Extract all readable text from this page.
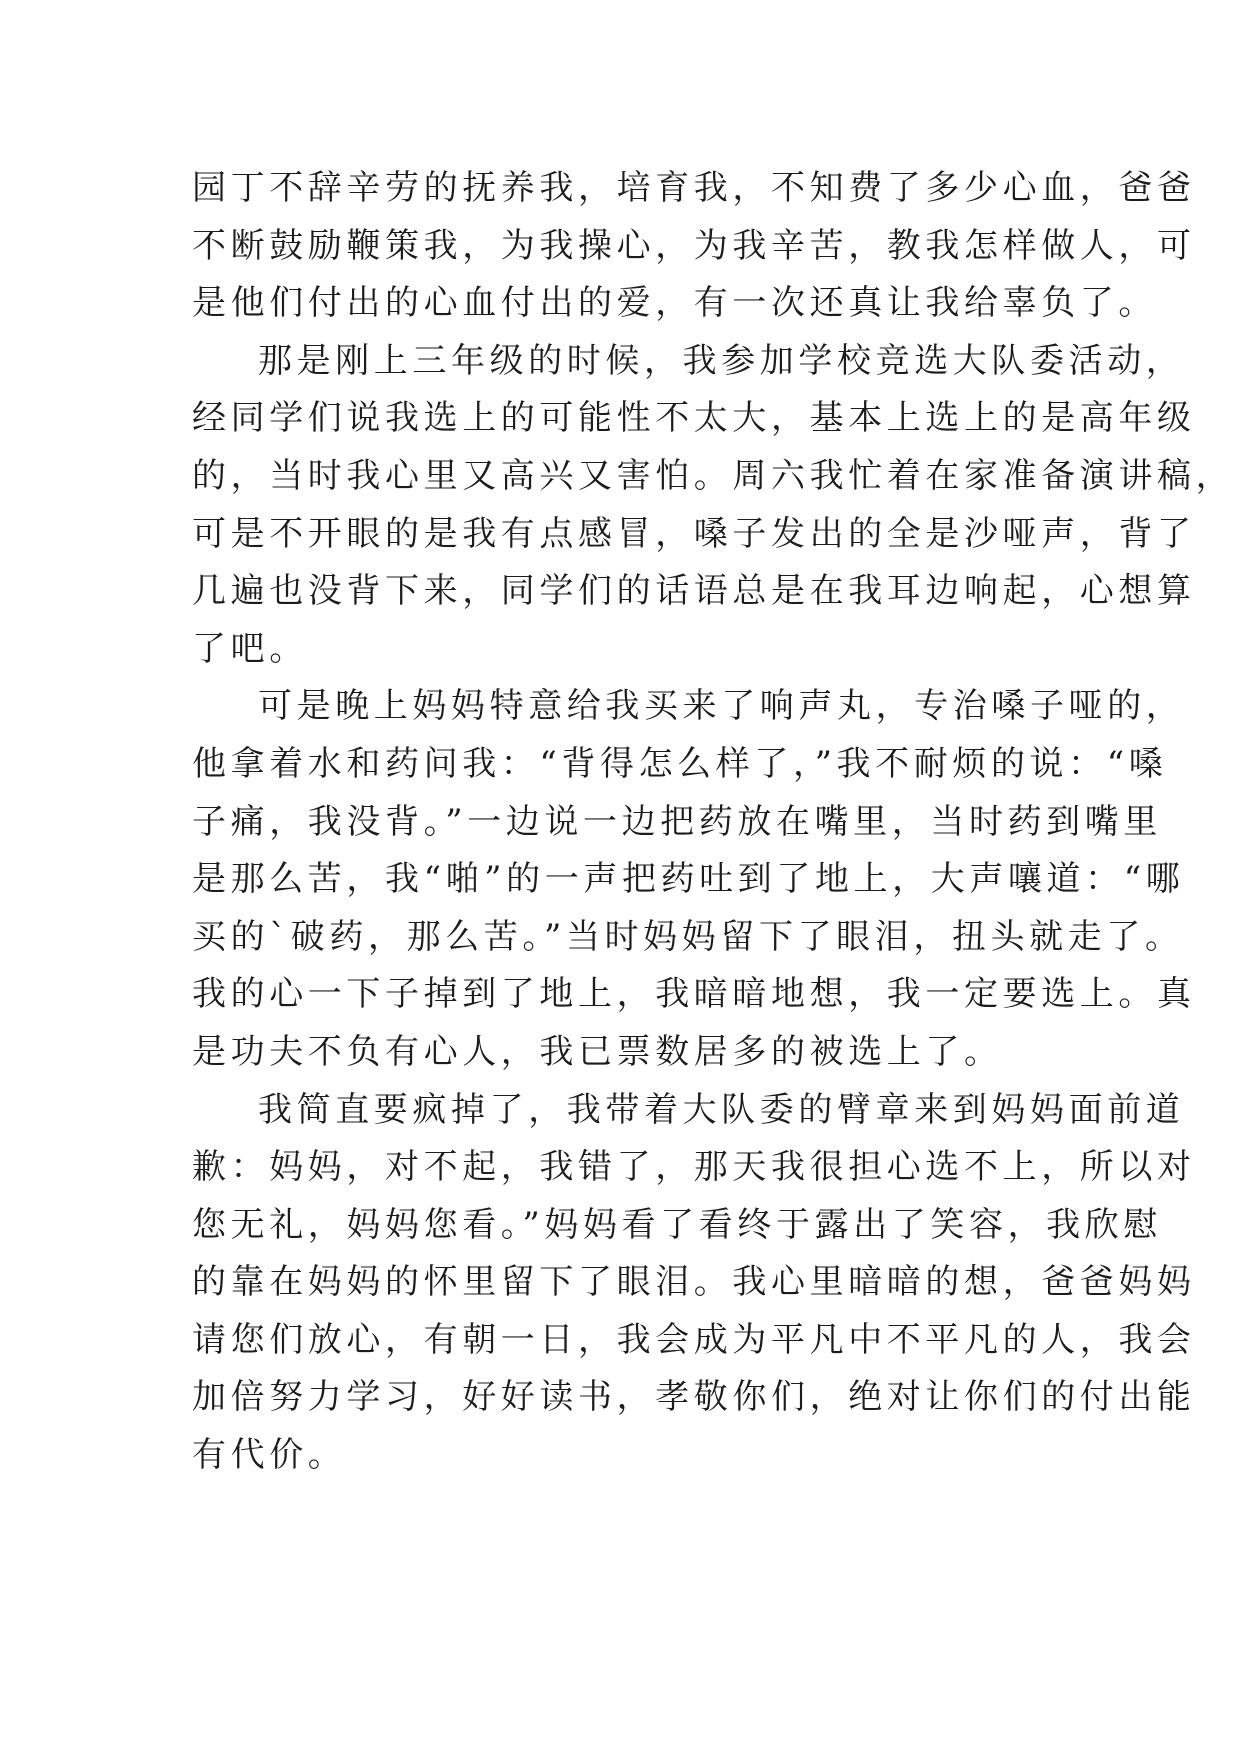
园丁不辞辛劳的抚养我，培育我，不知费了多少心血，爸爸
不断鼓励鞭策我，为我操心，为我辛苦，教我怎样做人，可
是他们付出的心血付出的爱，有一次还真让我给辜负了。
那是刚上三年级的时候，我参加学校竞选大队委活动，
经同学们说我选上的可能性不太大，基本上选上的是高年级
的，当时我心里又高兴又害怕。周六我忙着在家准备演讲稿，
可是不开眼的是我有点感冒，嗓子发出的全是沙哑声，背了
几遍也没背下来，同学们的话语总是在我耳边响起，心想算
了吧。
可是晚上妈妈特意给我买来了响声丸，专治嗓子哑的，
他拿着水和药问我：“背得怎么样了，”我不耐烦的说：“嗓
子痛，我没背。”一边说一边把药放在嘴里，当时药到嘴里
是那么苦，我“啪”的一声把药吐到了地上，大声嚷道：“哪
买的`破药，那么苦。”当时妈妈留下了眼泪，扭头就走了。
我的心一下子掉到了地上，我暗暗地想，我一定要选上。真
是功夫不负有心人，我已票数居多的被选上了。
我简直要疯掉了，我带着大队委的臂章来到妈妈面前道
歉：妈妈，对不起，我错了，那天我很担心选不上，所以对
您无礼，妈妈您看。”妈妈看了看终于露出了笑容，我欣慰
的靠在妈妈的怀里留下了眼泪。我心里暗暗的想，爸爸妈妈
请您们放心，有朝一日，我会成为平凡中不平凡的人，我会
加倍努力学习，好好读书，孝敬你们，绝对让你们的付出能
有代价。
